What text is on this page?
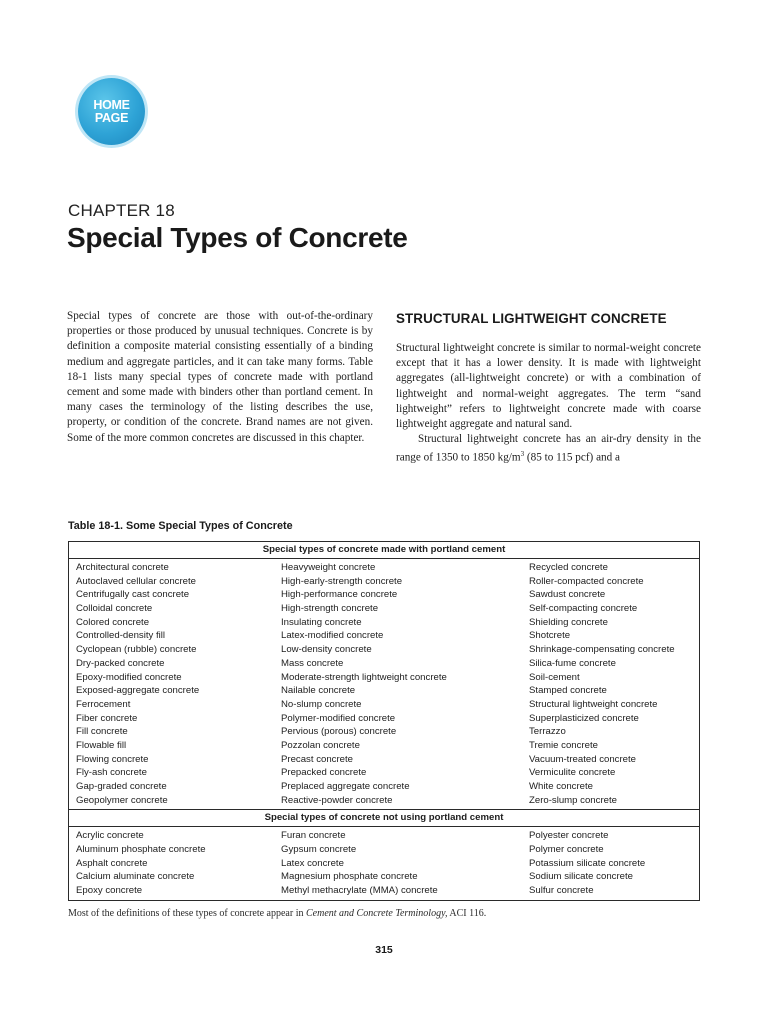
HOME
PAGE
CHAPTER 18
Special Types of Concrete

Special types of concrete are those with out-of-the-ordinary properties or those produced by unusual techniques. Concrete is by definition a composite material consisting essentially of a binding medium and aggregate particles, and it can take many forms. Table 18-1 lists many special types of concrete made with portland cement and some made with binders other than portland cement. In many cases the terminology of the listing describes the use, property, or condition of the concrete. Brand names are not given. Some of the more common concretes are discussed in this chapter.

STRUCTURAL LIGHTWEIGHT CONCRETE

Structural lightweight concrete is similar to normal-weight concrete except that it has a lower density. It is made with lightweight aggregates (all-lightweight concrete) or with a combination of lightweight and normal-weight aggregates. The term “sand lightweight” refers to lightweight concrete made with coarse lightweight aggregate and natural sand.

Structural lightweight concrete has an air-dry density in the range of 1350 to 1850 $kg/m^3$ (85 to 115 pcf) and a

Table 18-1. Some Special Types of Concrete
Special types of concrete made with portland cement
Architectural concrete
Autoclaved cellular concrete
Centrifugally cast concrete
Colloidal concrete
Colored concrete
Controlled-density fill
Cyclopean (rubble) concrete
Dry-packed concrete
Epoxy-modified concrete
Exposed-aggregate concrete
Ferrocement
Fiber concrete
Fill concrete
Flowable fill
Flowing concrete
Fly-ash concrete
Gap-graded concrete
Geopolymer concrete
Heavyweight concrete
High-early-strength concrete
High-performance concrete
High-strength concrete
Insulating concrete
Latex-modified concrete
Low-density concrete
Mass concrete
Moderate-strength lightweight concrete
Nailable concrete
No-slump concrete
Polymer-modified concrete
Pervious (porous) concrete
Pozzolan concrete
Precast concrete
Prepacked concrete
Preplaced aggregate concrete
Reactive-powder concrete
Recycled concrete
Roller-compacted concrete
Sawdust concrete
Self-compacting concrete
Shielding concrete
Shotcrete
Shrinkage-compensating concrete
Silica-fume concrete
Soil-cement
Stamped concrete
Structural lightweight concrete
Superplasticized concrete
Terrazzo
Tremie concrete
Vacuum-treated concrete
Vermiculite concrete
White concrete
Zero-slump concrete
Special types of concrete not using portland cement
Acrylic concrete
Aluminum phosphate concrete
Asphalt concrete
Calcium aluminate concrete
Epoxy concrete
Furan concrete
Gypsum concrete
Latex concrete
Magnesium phosphate concrete
Methyl methacrylate (MMA) concrete
Polyester concrete
Polymer concrete
Potassium silicate concrete
Sodium silicate concrete
Sulfur concrete
Most of the definitions of these types of concrete appear in Cement and Concrete Terminology, ACI 116.
315
